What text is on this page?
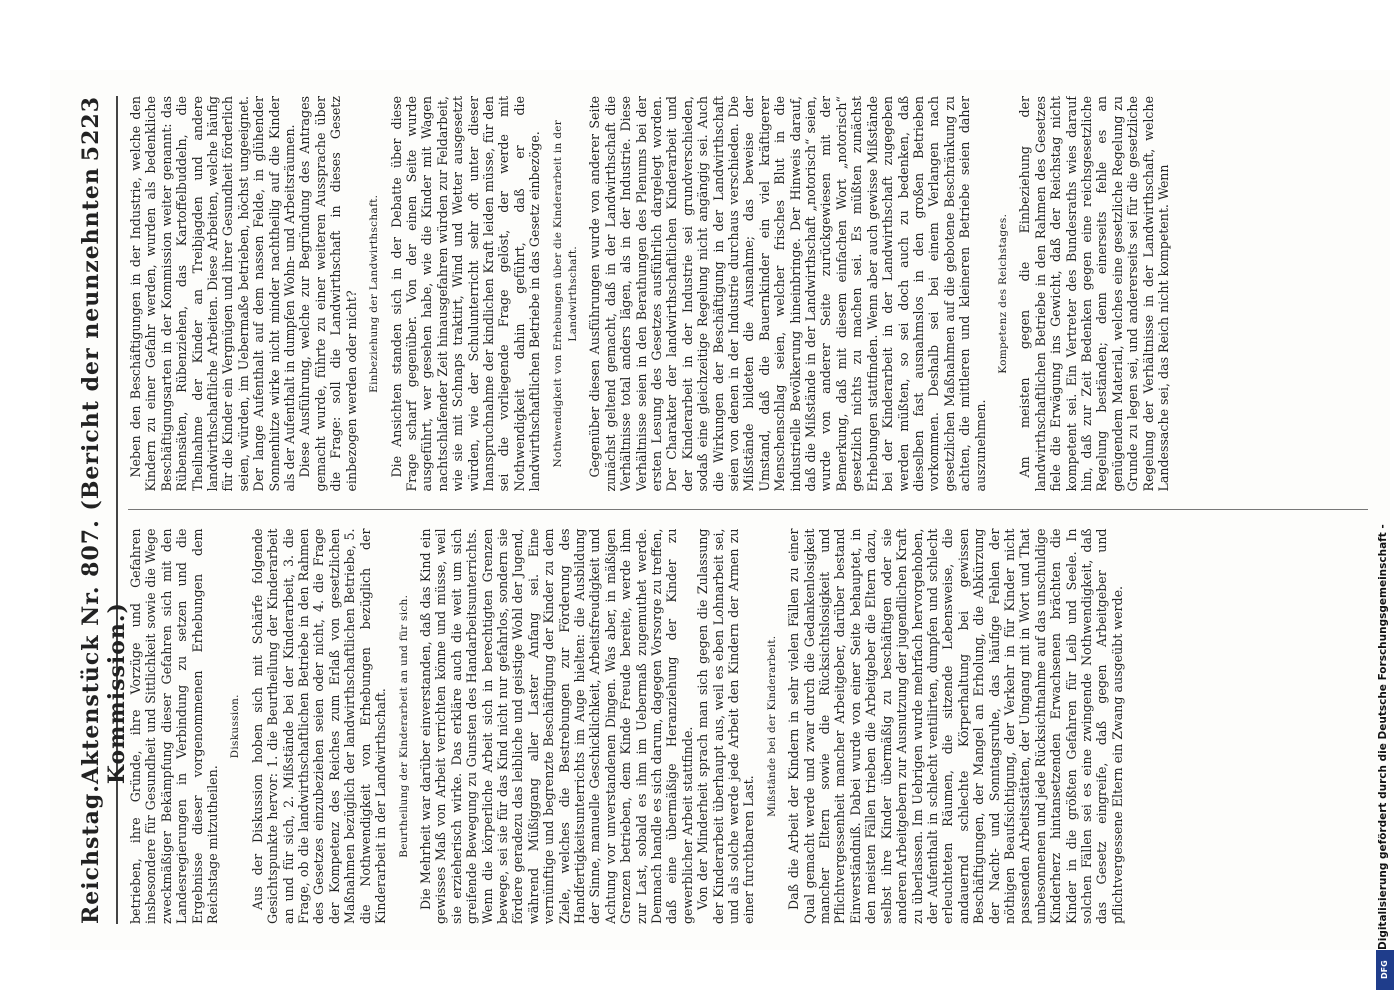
Reichstag.
Aktenstück Nr. 807. (Bericht der neunzehnten Kommission.)
5223

betrieben, ihre Gründe, ihre Vorzüge und Gefahren insbesondere für Gesundheit und Sittlichkeit sowie die Wege zweckmäßiger Bekämpfung dieser Gefahren sich mit den Landesregierungen in Verbindung zu setzen und die Ergebnisse dieser vorgenommenen Erhebungen dem Reichstage mitzutheilen.

Diskussion. Aus der Diskussion hoben sich mit Schärfe folgende Gesichtspunkte hervor: 1. die Beurtheilung der Kinderarbeit an und für sich, 2. Mißstände bei der Kinderarbeit, 3. die Frage, ob die landwirthschaftlichen Betriebe in den Rahmen des Gesetzes einzubeziehen seien oder nicht, 4. die Frage der Kompetenz des Reiches zum Erlaß von gesetzlichen Maßnahmen bezüglich der landwirthschaftlichen Betriebe, 5. die Nothwendigkeit von Erhebungen bezüglich der Kinderarbeit in der Landwirthschaft. Beurtheilung der Kinderarbeit an und für sich. Die Mehrheit war darüber einverstanden, daß das Kind ein gewisses Maß von Arbeit verrichten könne und müsse, weil sie erzieherisch wirke. Das erkläre auch die weit um sich greifende Bewegung zu Gunsten des Handarbeitsunterrichts. Wenn die körperliche Arbeit sich in berechtigten Grenzen bewege, sei sie für das Kind nicht nur gefahrlos, sondern sie fördere geradezu das leibliche und geistige Wohl der Jugend, während Müßiggang aller Laster Anfang sei. Eine vernünftige und begrenzte Beschäftigung der Kinder zu dem Ziele, welches die Bestrebungen zur Förderung des Handfertigkeitsunterrichts im Auge hielten: die Ausbildung der Sinne, manuelle Geschicklichkeit, Arbeitsfreudigkeit und Achtung vor unverstandenen Dingen. Was aber, in mäßigen Grenzen betrieben, dem Kinde Freude bereite, werde ihm zur Last, sobald es ihm im Uebermaß zugemuthet werde. Demnach handle es sich darum, dagegen Vorsorge zu treffen, daß eine übermäßige Heranziehung der Kinder zu gewerblicher Arbeit stattfinde. Von der Minderheit sprach man sich gegen die Zulassung der Kinderarbeit überhaupt aus, weil es eben Lohnarbeit sei, und als solche werde jede Arbeit den Kindern der Armen zu einer furchtbaren Last.

Mißstände bei der Kinderarbeit. Daß die Arbeit der Kindern in sehr vielen Fällen zu einer Qual gemacht werde und zwar durch die Gedankenlosigkeit mancher Eltern sowie die Rücksichtslosigkeit und Pflichtvergessenheit mancher Arbeitgeber, darüber bestand Einverständniß. Dabei wurde von einer Seite behauptet, in den meisten Fällen trieben die Arbeitgeber die Eltern dazu, selbst ihre Kinder übermäßig zu beschäftigen oder sie anderen Arbeitgebern zur Ausnutzung der jugendlichen Kraft zu überlassen. Im Uebrigen wurde mehrfach hervorgehoben, der Aufenthalt in schlecht ventilirten, dumpfen und schlecht erleuchteten Räumen, die sitzende Lebensweise, die andauernd schlechte Körperhaltung bei gewissen Beschäftigungen, der Mangel an Erholung, die Abkürzung der Nacht- und Sonntagsruhe, das häufige Fehlen der nöthigen Beaufsichtigung, der Verkehr in für Kinder nicht passenden Arbeitsstätten, der Umgang mit in Wort und That unbesonnenen und jede Rücksichtnahme auf das unschuldige Kinderherz hintansetzenden Erwachsenen brächten die Kinder in die größten Gefahren für Leib und Seele. In solchen Fällen sei es eine zwingende Nothwendigkeit, daß das Gesetz eingreife, daß gegen Arbeitgeber und pflichtvergessene Eltern ein Zwang ausgeübt werde.

Neben den Beschäftigungen in der Industrie, welche den Kindern zu einer Gefahr werden, wurden als bedenkliche Beschäftigungsarten in der Kommission weiter genannt: das Rübensäten, Rübenziehen, das Kartoffelbuddeln, die Theilnahme der Kinder an Treibjagden und andere landwirthschaftliche Arbeiten. Diese Arbeiten, welche häufig für die Kinder ein Vergnügen und ihrer Gesundheit förderlich seien, würden, im Uebermaße betrieben, höchst ungeeignet. Der lange Aufenthalt auf dem nassen Felde, in glühender Sonnenhitze wirke nicht minder nachtheilig auf die Kinder als der Aufenthalt in dumpfen Wohn- und Arbeitsräumen. Diese Ausführung, welche zur Begründung des Antrages gemacht wurde, führte zu einer weiteren Aussprache über die Frage: soll die Landwirthschaft in dieses Gesetz einbezogen werden oder nicht? Einbeziehung der Landwirthschaft. Die Ansichten standen sich in der Debatte über diese Frage scharf gegenüber. Von der einen Seite wurde ausgeführt, wer gesehen habe, wie die Kinder mit Wagen nachtschlafender Zeit hinausgefahren würden zur Feldarbeit, wie sie mit Schnaps traktirt, Wind und Wetter ausgesetzt würden, wie der Schulunterricht sehr oft unter dieser Inanspruchnahme der kindlichen Kraft leiden müsse, für den sei die vorliegende Frage gelöst, der werde mit Nothwendigkeit dahin geführt, daß er die landwirthschaftlichen Betriebe in das Gesetz einbezöge. Nothwendigkeit von Erhebungen über die Kinderarbeit in der Landwirthschaft. Gegenüber diesen Ausführungen wurde von anderer Seite zunächst geltend gemacht, daß in der Landwirthschaft die Verhältnisse total anders lägen, als in der Industrie. Diese Verhältnisse seien in den Berathungen des Plenums bei der ersten Lesung des Gesetzes ausführlich dargelegt worden. Der Charakter der landwirthschaftlichen Kinderarbeit und der Kinderarbeit in der Industrie sei grundverschieden, sodaß eine gleichzeitige Regelung nicht angängig sei. Auch die Wirkungen der Beschäftigung in der Landwirthschaft seien von denen in der Industrie durchaus verschieden. Die Mißstände bildeten die Ausnahme; das beweise der Umstand, daß die Bauernkinder ein viel kräftigerer Menschenschlag seien, welcher frisches Blut in die industrielle Bevölkerung hineinbringe. Der Hinweis darauf, daß die Mißstände in der Landwirthschaft „notorisch“ seien, wurde von anderer Seite zurückgewiesen mit der Bemerkung, daß mit diesem einfachen Wort „notorisch“ gesetzlich nichts zu machen sei. Es müßten zunächst Erhebungen stattfinden. Wenn aber auch gewisse Mißstände bei der Kinderarbeit in der Landwirthschaft zugegeben werden müßten, so sei doch auch zu bedenken, daß dieselben fast ausnahmslos in den großen Betrieben vorkommen. Deshalb sei bei einem Verlangen nach gesetzlichen Maßnahmen auf die gebotene Beschränkung zu achten, die mittleren und kleineren Betriebe seien daher auszunehmen.

Kompetenz des Reichstages. Am meisten gegen die Einbeziehung der landwirthschaftlichen Betriebe in den Rahmen des Gesetzes fiele die Erwägung ins Gewicht, daß der Reichstag nicht kompetent sei. Ein Vertreter des Bundesraths wies darauf hin, daß zur Zeit Bedenken gegen eine reichsgesetzliche Regelung beständen; denn einerseits fehle es an genügendem Material, welches eine gesetzliche Regelung zu Grunde zu legen sei, und andererseits sei für die gesetzliche Regelung der Verhältnisse in der Landwirthschaft, welche Landessache sei, das Reich nicht kompetent. Wenn

Digitalisierung gefördert durch die Deutsche Forschungsgemeinschaft -
DFG
